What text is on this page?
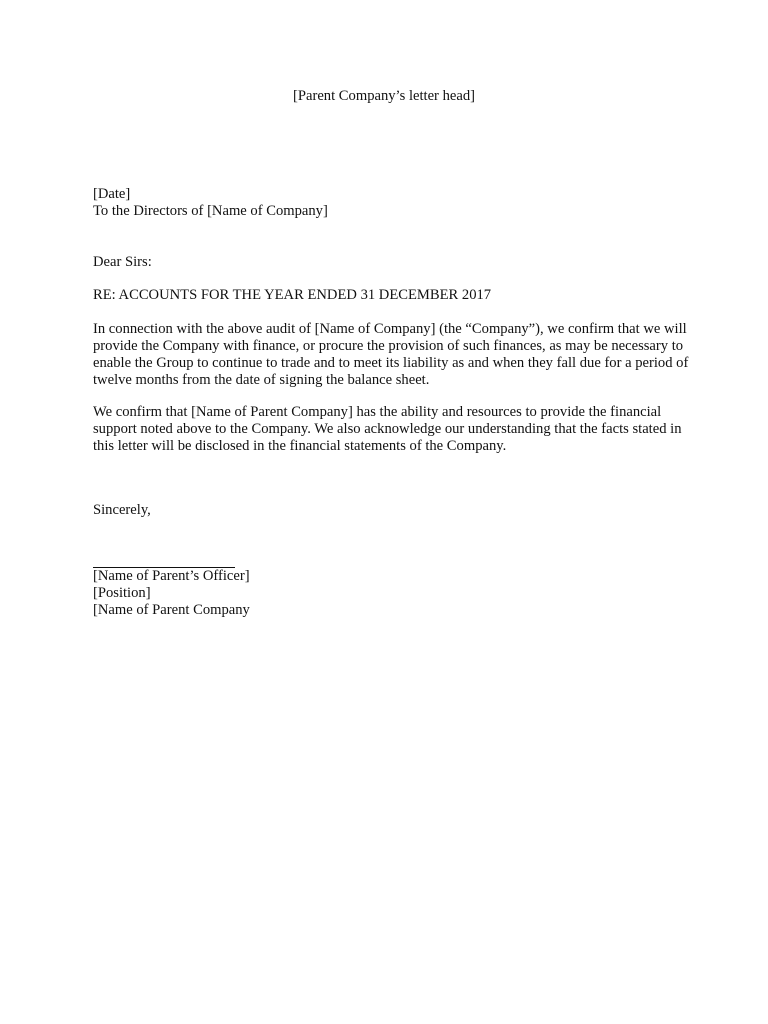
[Parent Company’s letter head]
[Date]
To the Directors of [Name of Company]
Dear Sirs:
RE: ACCOUNTS FOR THE YEAR ENDED 31 DECEMBER 2017
In connection with the above audit of [Name of Company] (the “Company”), we confirm that we will
provide the Company with finance, or procure the provision of such finances, as may be necessary to
enable the Group to continue to trade and to meet its liability as and when they fall due for a period of
twelve months from the date of signing the balance sheet.
We confirm that [Name of Parent Company] has the ability and resources to provide the financial
support noted above to the Company. We also acknowledge our understanding that the facts stated in
this letter will be disclosed in the financial statements of the Company.
Sincerely,
[Name of Parent’s Officer]
[Position]
[Name of Parent Company
